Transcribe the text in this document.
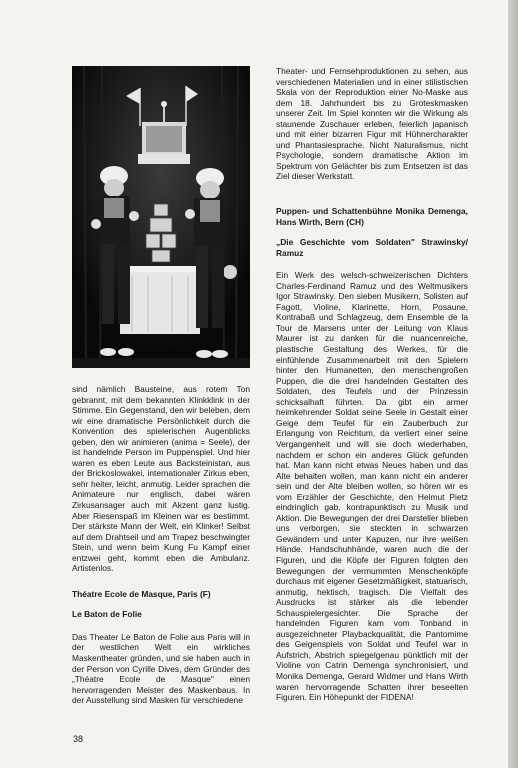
sind nämlich Bausteine, aus rotem Ton gebrannt, mit dem bekannten Klinkklink in der Stimme. Ein Gegenstand, den wir beleben, dem wir eine dramatische Persönlichkeit durch die Konvention des spielerischen Augenblicks geben, den wir animieren (anima = Seele), der ist handelnde Person im Puppenspiel. Und hier waren es eben Leute aus Backsteinistan, aus der Brickoslowakei, internationaler Zirkus eben, sehr heiter, leicht, anmutig. Leider sprachen die Animateure nur englisch, dabei wären Zirkusansager auch mit Akzent ganz lustig. Aber Riesenspaß im Kleinen war es bestimmt. Der stärkste Mann der Welt, ein Klinker! Selbst auf dem Drahtseil und am Trapez beschwingter Stein, und wenn beim Kung Fu Kampf einer entzwei geht, kommt eben die Ambulanz. Artistenlos.

Théatre Ecole de Masque, Paris (F)

Le Baton de Folie

Das Theater Le Baton de Folie aus Paris will in der westlichen Welt ein wirkliches Maskentheater gründen, und sie haben auch in der Person von Cyrille Dives, dem Gründer des „Théatre Ecole de Masque" einen hervorragenden Meister des Maskenbaus. In der Ausstellung sind Masken für verschiedene

Theater- und Fernsehproduktionen zu sehen, aus verschiedenen Materialien und in einer stilistischen Skala von der Reproduktion einer No-Maske aus dem 18. Jahrhundert bis zu Groteskmasken unserer Zeit. Im Spiel konnten wir die Wirkung als staunende Zuschauer erleben, feierlich japanisch und mit einer bizarren Figur mit Hühnercharakter und Phantasiesprache. Nicht Naturalismus, nicht Psychologie, sondern dramatische Aktion im Spektrum von Gelächter bis zum Entsetzen ist das Ziel dieser Werkstatt.

Puppen- und Schattenbühne Monika Demenga, Hans Wirth, Bern (CH)

„Die Geschichte vom Soldaten" Strawinsky/ Ramuz

Ein Werk des welsch-schweizerischen Dichters Charles-Ferdinand Ramuz und des Weltmusikers Igor Strawinsky. Den sieben Musikern, Solisten auf Fagott, Violine, Klarinette, Horn, Posaune, Kontrabaß und Schlagzeug, dem Ensemble de la Tour de Marsens unter der Leitung von Klaus Maurer ist zu danken für die nuancenreiche, plastische Gestaltung des Werkes, für die einfühlende Zusammenarbeit mit den Spielern hinter den Humanetten, den menschengroßen Puppen, die die drei handelnden Gestalten des Soldaten, des Teufels und der Prinzessin schicksalhaft führten. Da gibt ein armer heimkehrender Soldat seine Seele in Gestalt einer Geige dem Teufel für ein Zauberbuch zur Erlangung von Reichtum, da verliert einer seine Vergangenheit und will sie doch wiederhaben, nachdem er schon ein anderes Glück gefunden hat. Man kann nicht etwas Neues haben und das Alte behalten wollen, man kann nicht ein anderer sein und der Alte bleiben wollen, so hören wir es vom Erzähler der Geschichte, den Helmut Pietz eindringlich gab, kontrapunktisch zu Musik und Aktion. Die Bewegungen der drei Darsteller blieben uns verborgen, sie steckten in schwarzen Gewändern und unter Kapuzen, nur ihre weißen Hände. Handschuhhände, waren auch die der Figuren, und die Köpfe der Figuren folgten den Bewegungen der vermummten Menschenköpfe durchaus mit eigener Gesetzmäßigkeit, statuarisch, anmutig, hektisch, tragisch. Die Vielfalt des Ausdrucks ist stärker als die lebender Schauspielergesichter. Die Sprache der handelnden Figuren kam vom Tonband in ausgezeichneter Playbackqualität, die Pantomime des Geigenspiels von Soldat und Teufel war in Aufstrich, Abstrich spiegelgenau pünktlich mit der Violine von Catrin Demenga synchronisiert, und Monika Demenga, Gerard Widmer und Hans Wirth waren hervorragende Schatten ihrer beseelten Figuren. Ein Höhepunkt der FIDENA!

38
